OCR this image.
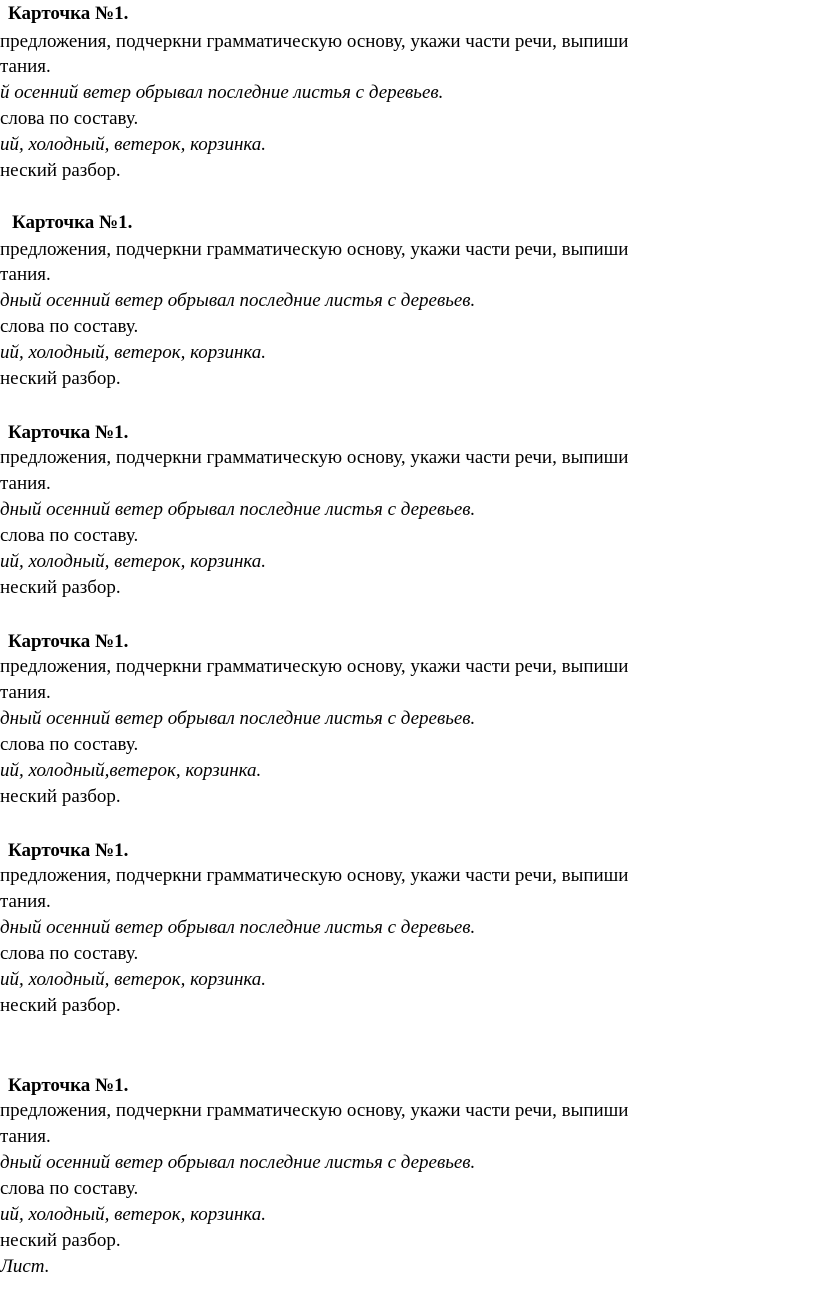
Карточка №1.
предложения, подчеркни грамматическую основу, укажи части речи, выпиши
тания.
й осенний ветер обрывал последние листья с деревьев.
слова по составу.
ий, холодный, ветерок, корзинка.
неский разбор.
Карточка №1.
предложения, подчеркни грамматическую основу, укажи части речи, выпиши
тания.
дный осенний ветер обрывал последние листья с деревьев.
слова по составу.
ий, холодный, ветерок, корзинка.
неский разбор.
Карточка №1.
предложения, подчеркни грамматическую основу, укажи части речи, выпиши
тания.
дный осенний ветер обрывал последние листья с деревьев.
слова по составу.
ий, холодный, ветерок, корзинка.
неский разбор.
Карточка №1.
предложения, подчеркни грамматическую основу, укажи части речи, выпиши
тания.
дный осенний ветер обрывал последние листья с деревьев.
слова по составу.
ий, холодный,ветерок, корзинка.
неский разбор.
Карточка №1.
предложения, подчеркни грамматическую основу, укажи части речи, выпиши
тания.
дный осенний ветер обрывал последние листья с деревьев.
слова по составу.
ий, холодный, ветерок, корзинка.
неский разбор.
Карточка №1.
предложения, подчеркни грамматическую основу, укажи части речи, выпиши
тания.
дный осенний ветер обрывал последние листья с деревьев.
слова по составу.
ий, холодный, ветерок, корзинка.
неский разбор.
Лист.
